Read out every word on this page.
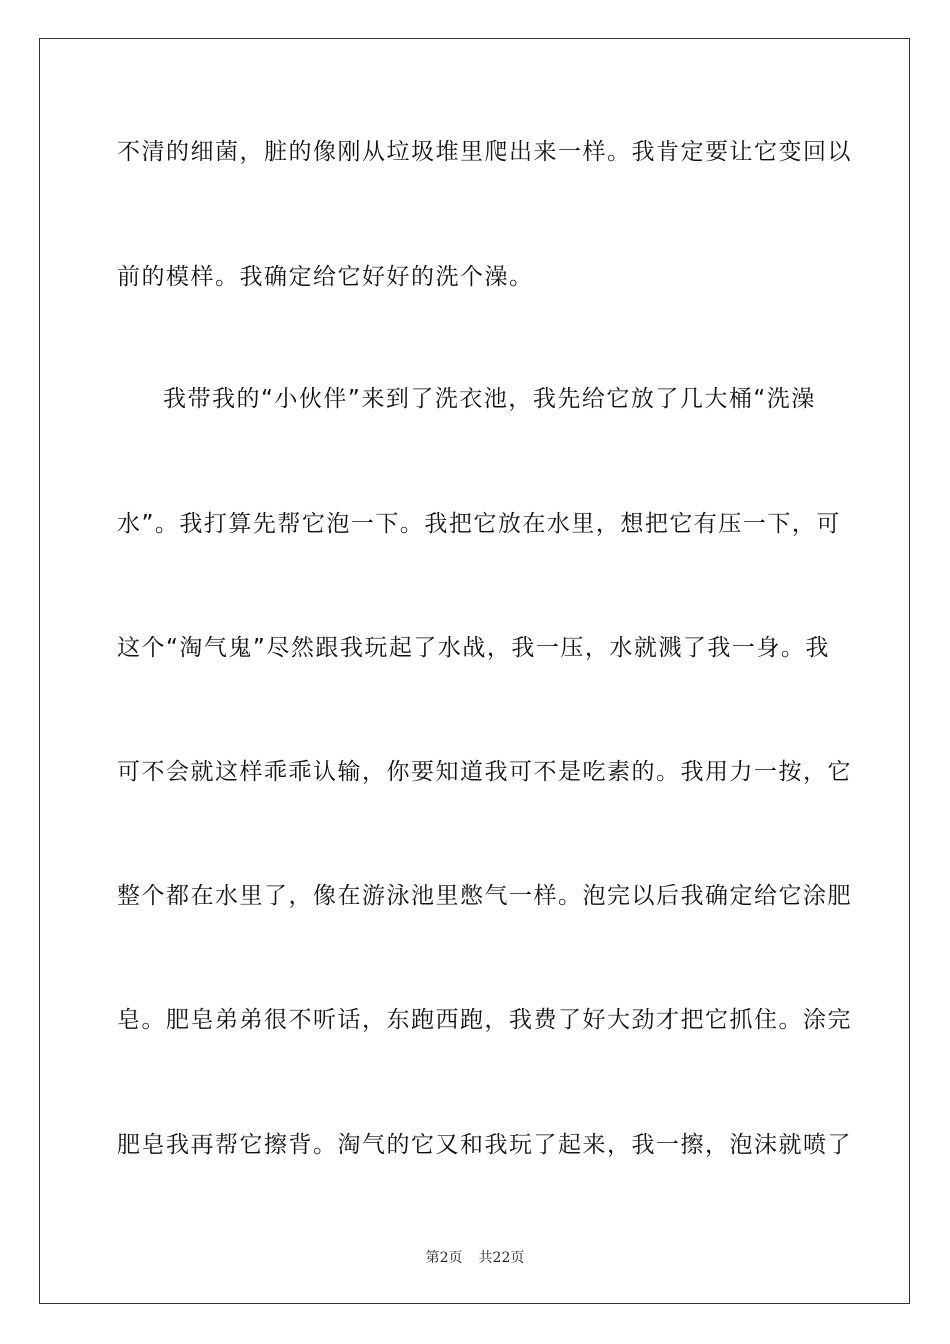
不清的细菌，脏的像刚从垃圾堆里爬出来一样。我肯定要让它变回以
前的模样。我确定给它好好的洗个澡。
我带我的“小伙伴”来到了洗衣池，我先给它放了几大桶“洗澡
水”。我打算先帮它泡一下。我把它放在水里，想把它有压一下，可
这个“淘气鬼”尽然跟我玩起了水战，我一压，水就溅了我一身。我
可不会就这样乖乖认输，你要知道我可不是吃素的。我用力一按，它
整个都在水里了，像在游泳池里憋气一样。泡完以后我确定给它涂肥
皂。肥皂弟弟很不听话，东跑西跑，我费了好大劲才把它抓住。涂完
肥皂我再帮它擦背。淘气的它又和我玩了起来，我一擦，泡沫就喷了
第2页 共22页
